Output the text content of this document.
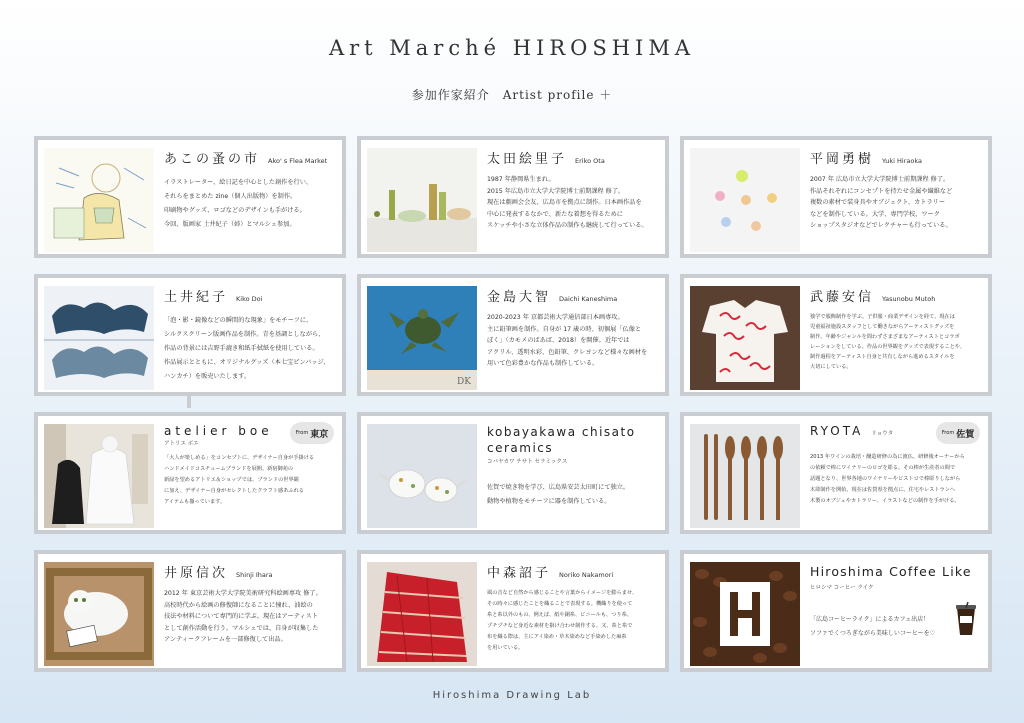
Art Marché HIROSHIMA
参加作家紹介　Artist profile ＋
あこの蚤の市 Ako' s Flea Market
イラストレーター、絵日記を中心とした創作を行い、
それらをまとめた zine（個人出版物）を制作。
印刷物やグッズ、ロゴなどのデザインも手がける。
今回、版画家 土井紀子（姉）とマルシェ参加。
太田絵里子 Eriko Ota
1987 年静岡県生まれ。
2015 年広島市立大学大学院博士前期課程 修了。
現在は劇画会会友、広島市を拠点に制作。日本画作品を
中心に発表するなかで、新たな着想を得るために
スケッチや小さな立体作品の制作も継続して行っている。
平岡勇樹 Yuki Hiraoka
2007 年 広島市立大学大学院博士前期課程 修了。
作品それぞれにコンセプトを持たせ金属や繊維など
複数の素材で装身具やオブジェクト、カトラリー
などを制作している。大学、専門学校、ワーク
ショップスタジオなどでレクチャーも行っている。
土井紀子 Kiko Doi
「泡・影・鏡像などの瞬間的な現象」をモチーフに、
シルクスクリーン版画作品を制作。青を基調としながら、
作品の背景には吉野手漉き和紙手拭紙を使用している。
作品展示とともに、オリジナルグッズ（本七宝ピンバッジ、
ハンカチ）を販売いたします。
DK
金島大智 Daichi Kaneshima
2020-2023 年 京都芸術大学通信部日本画専攻。
主に鉛筆画を制作。自身が 17 歳の時、初個展「仏像と
ぼく」（カモメのばあば、2018）を開催。近年では
アクリル、透明水彩、色鉛筆、クレヨンなど様々な画材を
用いて色彩豊かな作品も制作している。
武藤安信 Yasunobu Mutoh
独学で服飾制作を学ぶ。子供服・商業デザインを経て、現在は
児童福祉施設スタッフとして働きながらアーティストグッズを
制作。年齢やジャンルを問わずさまざまなアーティストとコラボ
レーションをしている。作品の世界観をグッズで表現することや、
制作過程をアーティスト自身と共有しながら進めるスタイルを
大切にしている。
atelier boe	From 東京
アトリエ ボエ
「大人が楽しめる」をコンセプトに、デザイナー自身が手掛ける
ハンドメイドコスチュームブランドを展開。新宿御苑の
新緑を望めるアトリエ＆ショップでは、ブランドの世界観
に加え、デザイナー自身がセレクトしたクラフト感あふれる
アイテムも揃っています。
kobayakawa chisato
ceramics
コバヤカワ チサト セラミックス
佐賀で焼き物を学び、広島県安芸太田町にて独立。
動物や植物をモチーフに器を制作している。
RYOTA リョウタ	From 佐賀
2013 年ワインの栽培・醸造研修の為に渡仏、研修後オーナーから
の依頼で棒にワイナリーのロゴを彫る。その棒が生産者の間で
話題となり、世界各地のワイナリーやビストロで棒彫りしながら
木彫制作を開始。現在は佐賀県を拠点に、住宅やレストランへ
木製のオブジェやカトラリー、イラストなどの制作を手がける。
井原信次 Shinji Ihara
2012 年 東京芸術大学大学院美術研究科絵画専攻 修了。
高校時代から絵画の修復師になることに憧れ、油絵の
技法や材料について専門的に学ぶ。現在はアーティスト
として創作活動を行う。マルシェでは、自身が収集した
アンティークフレームを一部修復して出品。
中森詔子 Noriko Nakamori
風の音など自然から感じることや言葉からイメージを膨らませ、
その時々に感じたことを織ることで表現する。機織りを使って
糸と糸以外のもの、例えば、紙や銅糸、ビニールも、つり糸、
プチプチなど身近な素材を掛け合わせ制作する。又、糸と糸で
布を織る際は、主にアイ染め・草木染めなど手染めした麻糸
を用いている。
Hiroshima Coffee Like
ヒロシマ コーヒー ライク
「広島コーヒーライク」によるカフェ出店！
ソファでくつろぎながら美味しいコーヒーを♡
Hiroshima Drawing Lab
